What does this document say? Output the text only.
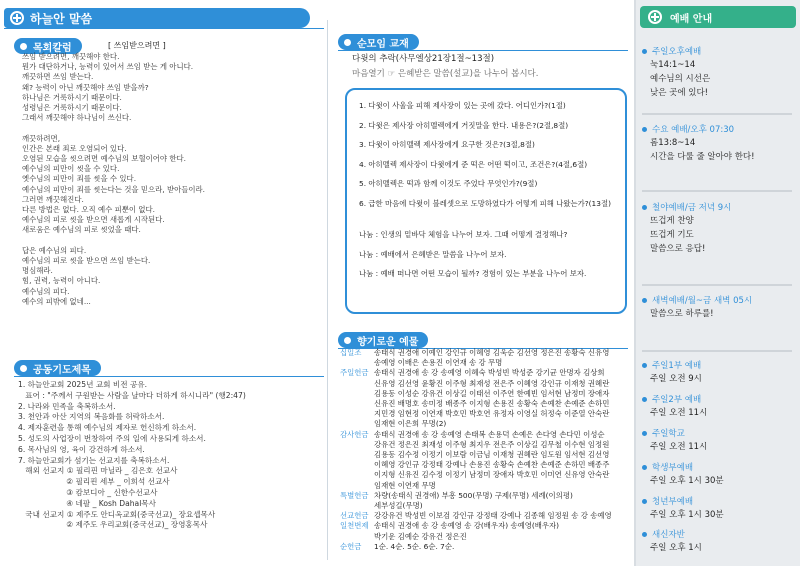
하늘안 말씀
목회칼럼	[ 쓰임받으려면 ]

쓰임 받으려면, 깨끗해야 한다.

뭔가 대단하거나, 능력이 있어서 쓰임 받는 게 아니다.

깨끗하면 쓰임 받는다.

왜? 능력이 아닌 깨끗해야 쓰임 받을까?

하나님은 거룩하시기 때문이다.

성령님은 거룩하시기 때문이다.

그래서 깨끗해야 하나님이 쓰신다.

깨끗하려면,

인간은 본래 죄로 오염되어 있다.

오염된 모습을 씻으려면 예수님의 보혈이어야 한다.

예수님의 피만이 씻을 수 있다.

옛수님의 피만이 죄를 씻을 수 있다.

예수님의 피만이 죄를 씻는다는 것을 믿으라, 받아들이라.

그러면 깨끗해진다.

다른 방법은 없다. 오직 예수 피뿐이 없다.

예수님의 피로 씻을 받으면 새롭게 시작된다.

새로움은 예수님의 피로 씻었을 때다.

답은 예수님의 피다.

예수님의 피로 씻을 받으면 쓰임 받는다.

명심해라.

힘, 권력, 능력이 아니다.

예수님의 피다.

예수의 피밖에 없네...

공동기도제목
1. 하늘안교회 2025년 교회 비전 공유.
표어 : "주께서 구원받는 사람을 날마다 더하게 하시니라" (행2:47)
2. 나라와 민족을 축복하소서.
3. 천안과 아산 지역의 복음화를 허락하소서.
4. 제자훈련을 통해 예수님의 제자로 헌신하게 하소서.
5. 성도의 사업장이 번창하여 주의 일에 사용되게 하소서.
6. 목사님의 영, 육이 강건하게 하소서.
7. 하늘안교회가 섬기는 선교지를 축복하소서.
해외 선교지 ① 필리핀 마닐라 _ 김은호 선교사
② 필리핀 세부 _ 이희석 선교사
③ 캄보디아 _ 신한수선교사
④ 네팔 _ Kosh Dahal목사
국내 선교지 ① 제주도 안디옥교회(중국선교)_ 장요셉목사
② 제주도 우리교회(중국선교)_ 장영홍목사
순모임 교재
다윗의 추락(사무엘상21장1절~13절)
마음열기 ☞ 은혜받은 말씀(설교)을 나누어 봅시다.
1. 다윗이 사울을 피해 제사장이 있는 곳에 갔다. 어디인가?(1절)
2. 다윗은 제사장 아히멜렉에게 거짓말을 한다. 내용은?(2절,8절)
3. 다윗이 아히멜렉 제사장에게 요구한 것은?(3절,8절)
4. 아히멜렉 제사장이 다윗에게 준 떡은 어떤 떡이고, 조건은?(4절,6절)
5. 아히멜렉은 떡과 함께 이것도 주었다 무엇인가?(9절)
6. 급한 마음에 다윗이 블레셋으로 도망하였다가 어떻게 피해 나왔는가?(13절)
나눔 : 인생의 밑바닥 체험을 나누어 보자. 그때 어떻게 결정해나?
나눔 : 예배에서 은혜받은 말씀을 나누어 보자.
나눔 : 예배 떠나면 어떤 모습이 될까? 경험이 있는 부분을 나누어 보자.
향기로운 예물
십일조	송태식 권경애 이예인 강인규 이혜영 김욱순 김선영 정은진 송황숙 신유영
송예영 이배은 손용진 이연재 송 강 무명
주일헌금 송태식 권경애 송 강 송예영 이혜숙 박성빈 박성준 강기균 안명자 김상희
신유영 김선영 윤황진 이주형 최재성 전은주 이혜영 강인규 이재청 권혜란
김용동 이성순 강유건 이상길 이태선 이주연 한예빈 임서현 남정미 장애자
신유진 배명호 송미정 배종주 이지형 손용진 송황숙 손예찬 손예준 손하민
지민경 임현정 이연재 박호민 박호연 유정자 이영실 허정숙 이준열 안숙란
임재현 이은희 무명(2)
감사헌금 송태식 권경애 송 강 송예영 손태복 손용덕 손예은 손다영 손다민 이성순
강유건 정은진 최재성 이주형 최지우 전은주 이상길 김무철 이수현 임정원
김용동 김수정 이정기 이보람 이금님 이재청 권혜란 임도원 임서현 김선영
이혜영 강인규 강정태 강예나 손용진 송황숙 손예찬 손예준 손하민 배종주
이지형 신유진 김수정 이정기 남정미 장애자 박호민 이미연 신유영 안숙란
임재현 이연재 무명
특별헌금 차량(송태식 권경애) 부흥 500(무명) 구제(무명) 세례(이의평)
세부성길(무명)
선교헌금 강강유건 박성빈 이보검 강인규 강정태 강예나 김종해 임정원 송 강 송예영
일천번제 송태식 권경애 송 강 송예영 송 강(배우자) 송예영(배우자)
박기운 김예순 강유건 정은진
순헌금	1순. 4순. 5순. 6순. 7순.
예배 안내
주일오후예배
눅14:1~14
예수님의 시선은
낮은 곳에 있다!
수요 예배/오후 07:30
롬13:8~14
시간을 다룰 줄 알아야 한다!
철야예배/금 저녁 9시
뜨겁게 찬양
뜨겁게 기도
말씀으로 응답!
새벽예배/월~금 새벽 05시
말씀으로 하루를!
주일1부 예배
주일 오전 9시
주일2부 예배
주일 오전 11시
주일학교
주일 오전 11시
학생부예배
주일 오후 1시 30분
청년부예배
주일 오후 1시 30분
새신자반
주일 오후 1시
